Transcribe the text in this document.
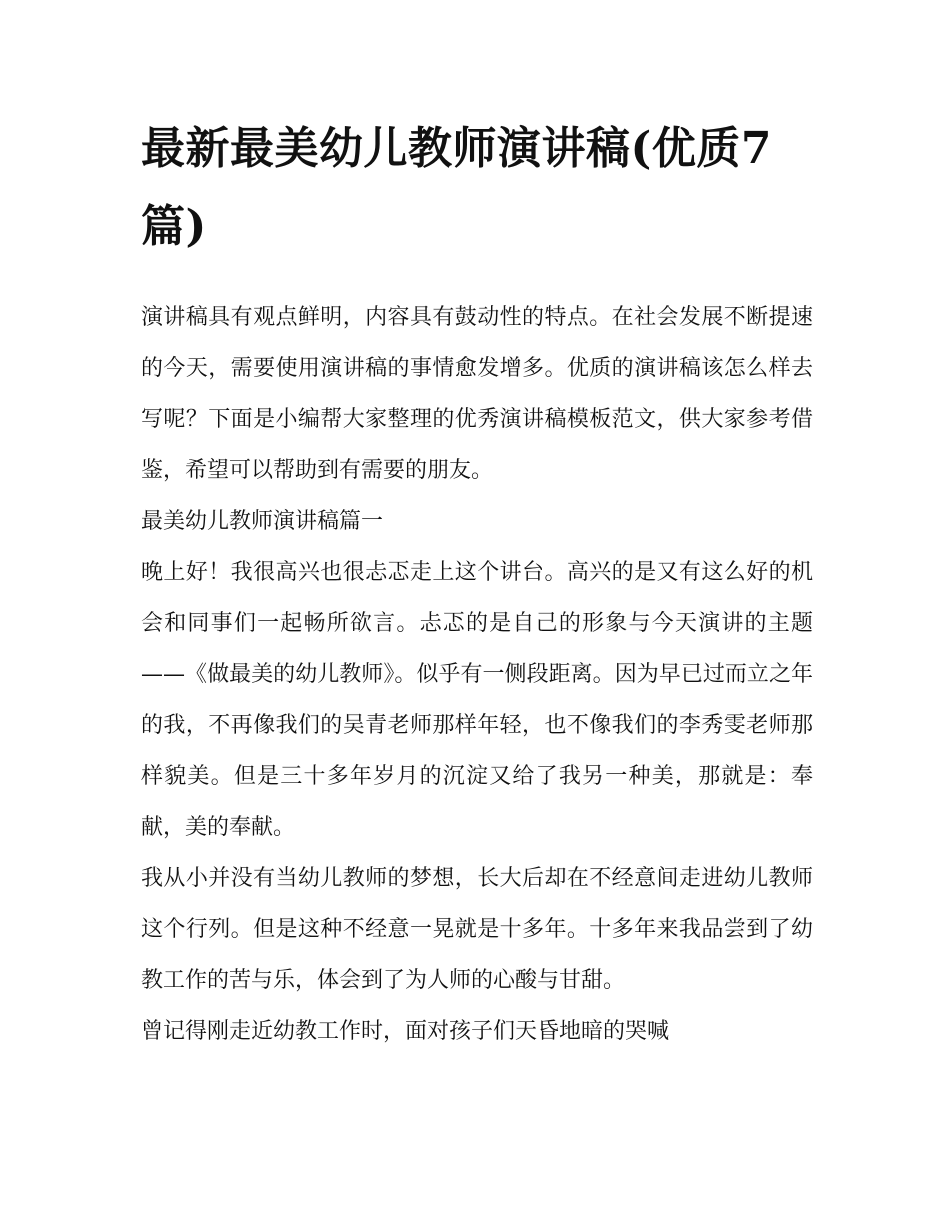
最新最美幼儿教师演讲稿(优质7篇)

演讲稿具有观点鲜明，内容具有鼓动性的特点。在社会发展不断提速的今天，需要使用演讲稿的事情愈发增多。优质的演讲稿该怎么样去写呢？下面是小编帮大家整理的优秀演讲稿模板范文，供大家参考借鉴，希望可以帮助到有需要的朋友。

最美幼儿教师演讲稿篇一

晚上好！我很高兴也很忐忑走上这个讲台。高兴的是又有这么好的机会和同事们一起畅所欲言。忐忑的是自己的形象与今天演讲的主题——《做最美的幼儿教师》。似乎有一侧段距离。因为早已过而立之年的我，不再像我们的吴青老师那样年轻，也不像我们的李秀雯老师那样貌美。但是三十多年岁月的沉淀又给了我另一种美，那就是：奉献，美的奉献。

我从小并没有当幼儿教师的梦想，长大后却在不经意间走进幼儿教师这个行列。但是这种不经意一晃就是十多年。十多年来我品尝到了幼教工作的苦与乐，体会到了为人师的心酸与甘甜。

曾记得刚走近幼教工作时，面对孩子们天昏地暗的哭喊
